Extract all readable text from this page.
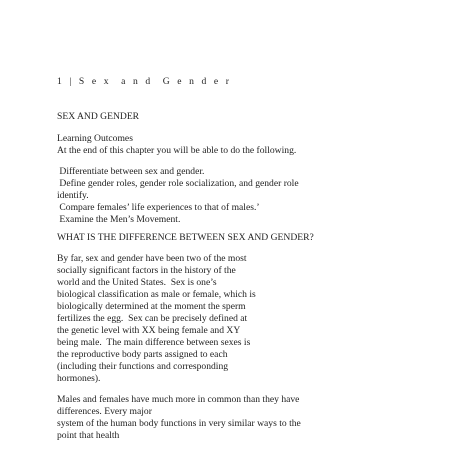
1 | S e x  a n d  G e n d e r
SEX AND GENDER
Learning Outcomes
At the end of this chapter you will be able to do the following.
Differentiate between sex and gender.
Define gender roles, gender role socialization, and gender role
identify.
Compare females’ life experiences to that of males.’
Examine the Men’s Movement.
WHAT IS THE DIFFERENCE BETWEEN SEX AND GENDER?
By far, sex and gender have been two of the most
socially significant factors in the history of the
world and the United States.  Sex is one’s
biological classification as male or female, which is
biologically determined at the moment the sperm
fertilizes the egg.  Sex can be precisely defined at
the genetic level with XX being female and XY
being male.  The main difference between sexes is
the reproductive body parts assigned to each
(including their functions and corresponding
hormones).
Males and females have much more in common than they have
differences. Every major
system of the human body functions in very similar ways to the
point that health
